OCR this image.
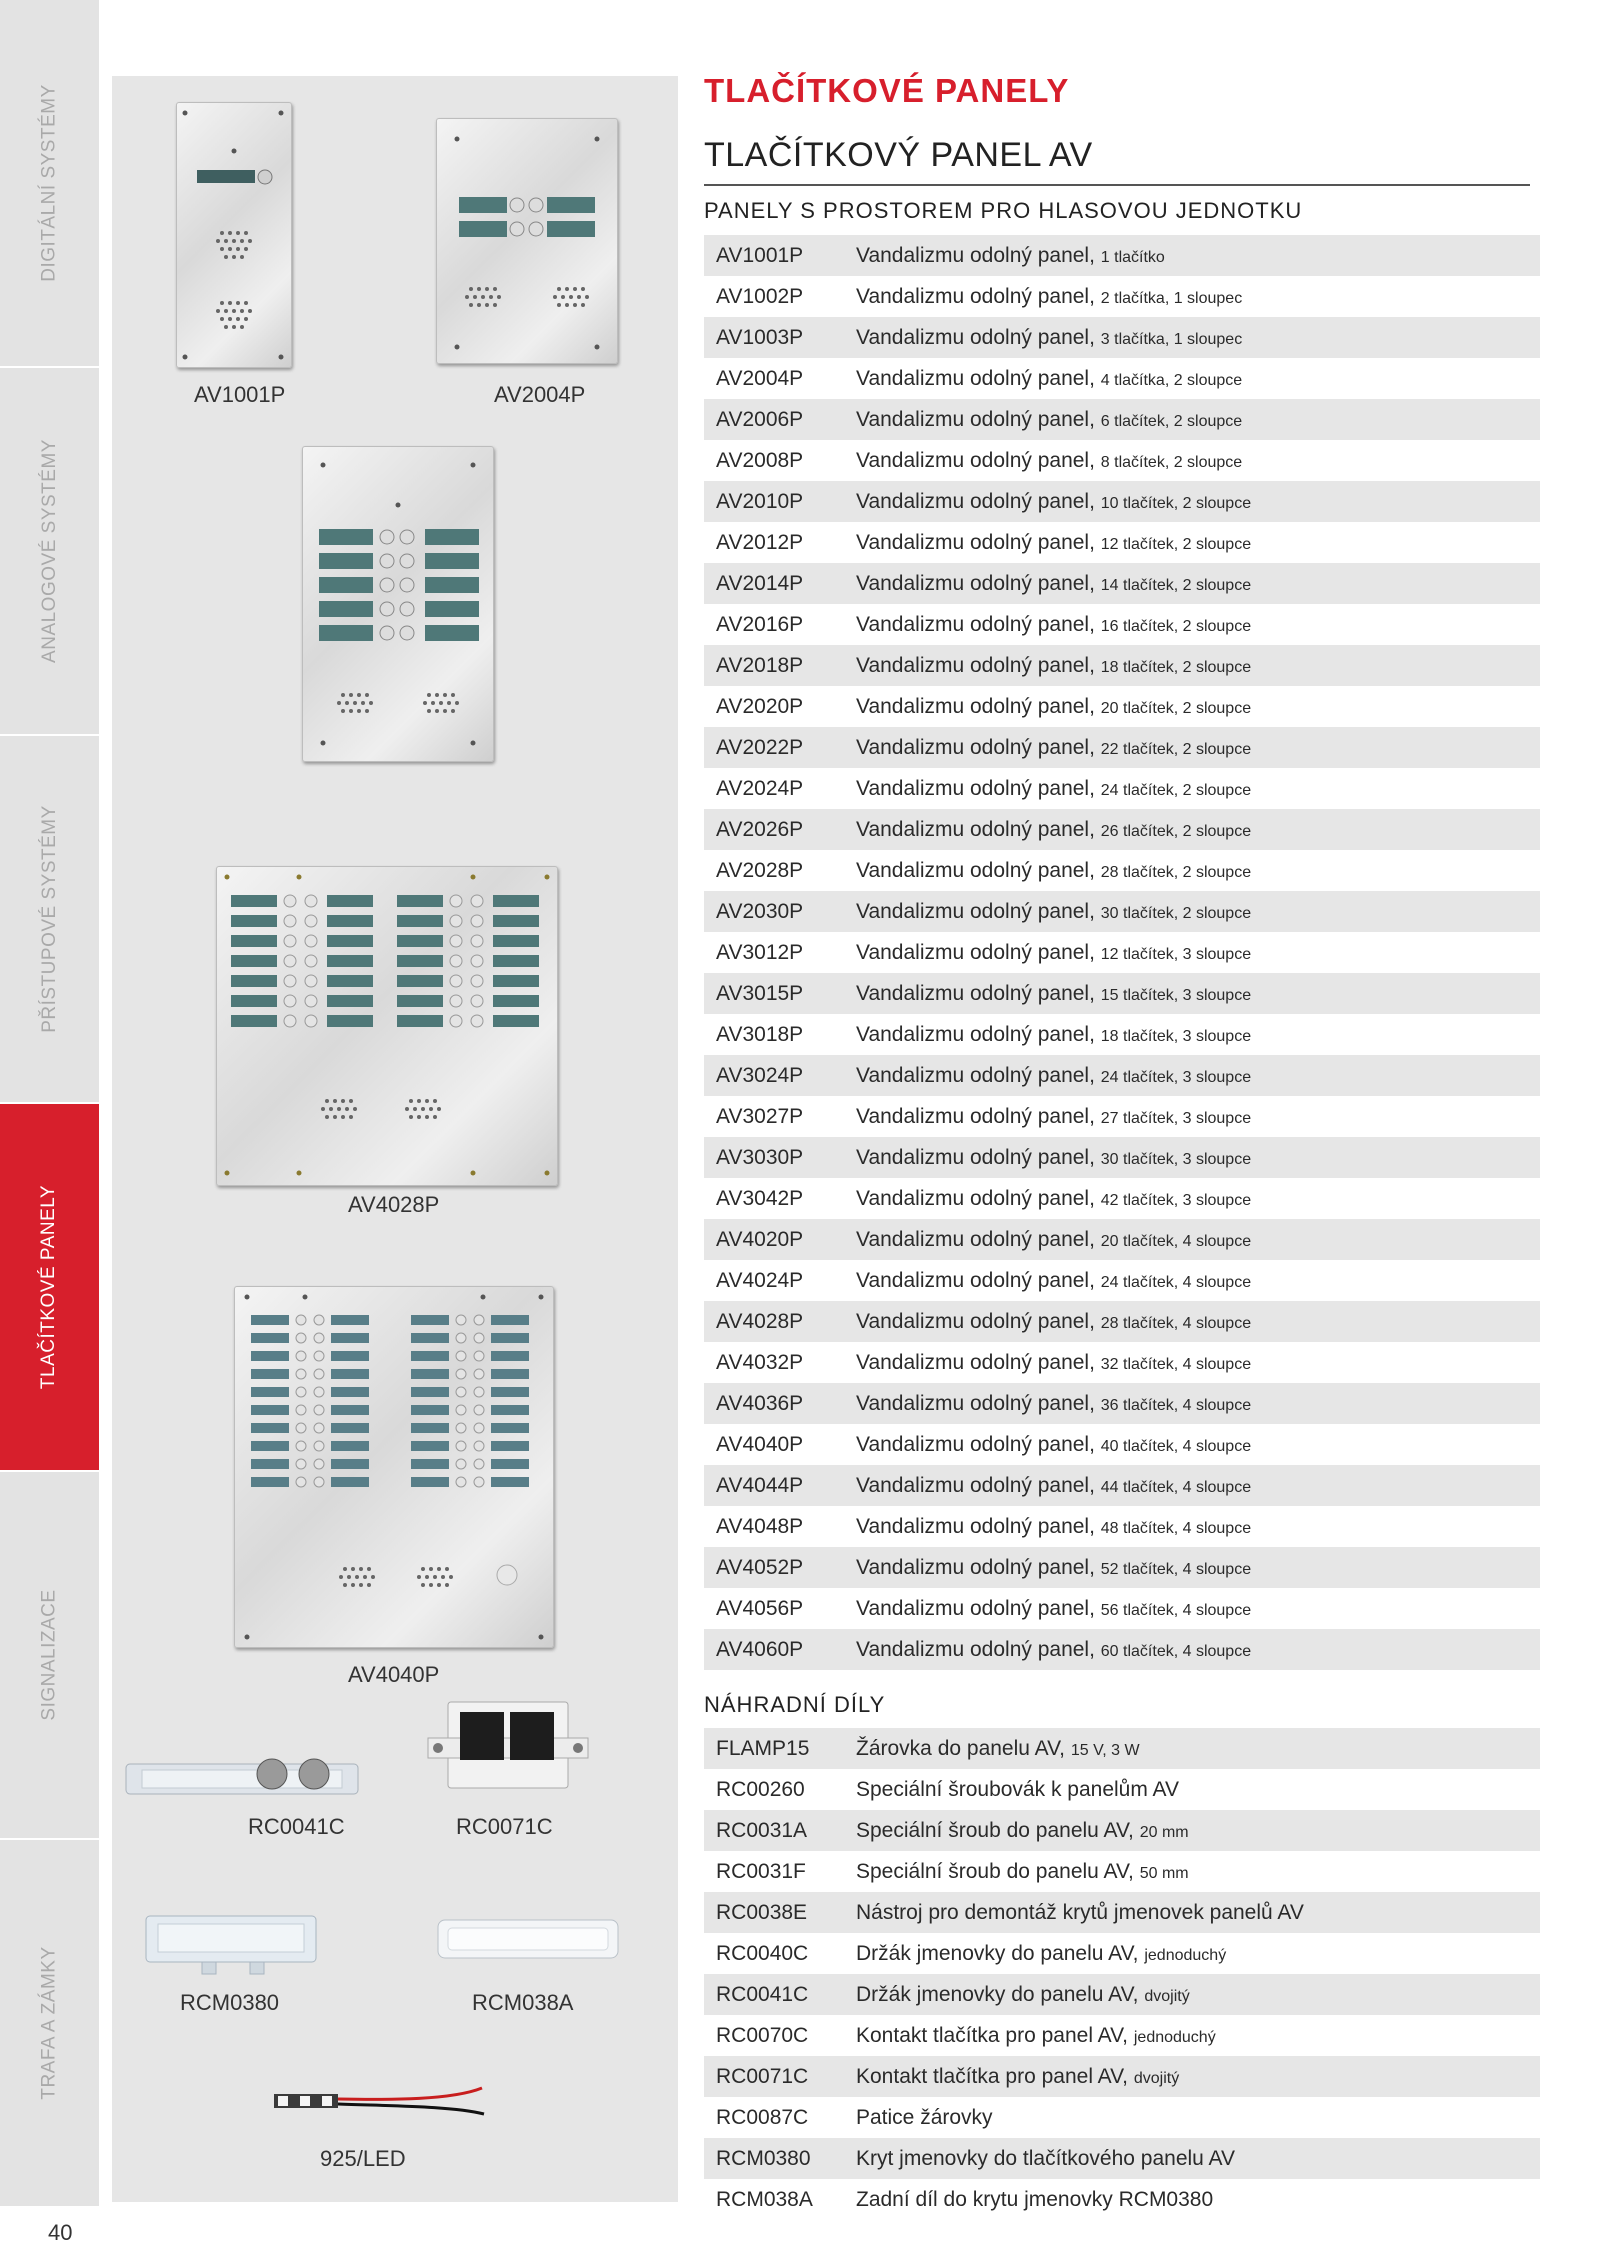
DIGITÁLNÍ SYSTÉMY
ANALOGOVÉ SYSTÉMY
PŘÍSTUPOVÉ SYSTÉMY
TLAČÍTKOVÉ PANELY
SIGNALIZACE
TRAFA A ZÁMKY
40
AV1001P	AV2004P
AV4028P
AV4040P
RC0041C	RC0071C
RCM0380	RCM038A
925/LED
TLAČÍTKOVÉ PANELY
TLAČÍTKOVÝ PANEL AV
PANELY S PROSTOREM PRO HLASOVOU JEDNOTKU
AV1001P	Vandalizmu odolný panel, 1 tlačítko
AV1002P	Vandalizmu odolný panel, 2 tlačítka, 1 sloupec
AV1003P	Vandalizmu odolný panel, 3 tlačítka, 1 sloupec
AV2004P	Vandalizmu odolný panel, 4 tlačítka, 2 sloupce
AV2006P	Vandalizmu odolný panel, 6 tlačítek, 2 sloupce
AV2008P	Vandalizmu odolný panel, 8 tlačítek, 2 sloupce
AV2010P	Vandalizmu odolný panel, 10 tlačítek, 2 sloupce
AV2012P	Vandalizmu odolný panel, 12 tlačítek, 2 sloupce
AV2014P	Vandalizmu odolný panel, 14 tlačítek, 2 sloupce
AV2016P	Vandalizmu odolný panel, 16 tlačítek, 2 sloupce
AV2018P	Vandalizmu odolný panel, 18 tlačítek, 2 sloupce
AV2020P	Vandalizmu odolný panel, 20 tlačítek, 2 sloupce
AV2022P	Vandalizmu odolný panel, 22 tlačítek, 2 sloupce
AV2024P	Vandalizmu odolný panel, 24 tlačítek, 2 sloupce
AV2026P	Vandalizmu odolný panel, 26 tlačítek, 2 sloupce
AV2028P	Vandalizmu odolný panel, 28 tlačítek, 2 sloupce
AV2030P	Vandalizmu odolný panel, 30 tlačítek, 2 sloupce
AV3012P	Vandalizmu odolný panel, 12 tlačítek, 3 sloupce
AV3015P	Vandalizmu odolný panel, 15 tlačítek, 3 sloupce
AV3018P	Vandalizmu odolný panel, 18 tlačítek, 3 sloupce
AV3024P	Vandalizmu odolný panel, 24 tlačítek, 3 sloupce
AV3027P	Vandalizmu odolný panel, 27 tlačítek, 3 sloupce
AV3030P	Vandalizmu odolný panel, 30 tlačítek, 3 sloupce
AV3042P	Vandalizmu odolný panel, 42 tlačítek, 3 sloupce
AV4020P	Vandalizmu odolný panel, 20 tlačítek, 4 sloupce
AV4024P	Vandalizmu odolný panel, 24 tlačítek, 4 sloupce
AV4028P	Vandalizmu odolný panel, 28 tlačítek, 4 sloupce
AV4032P	Vandalizmu odolný panel, 32 tlačítek, 4 sloupce
AV4036P	Vandalizmu odolný panel, 36 tlačítek, 4 sloupce
AV4040P	Vandalizmu odolný panel, 40 tlačítek, 4 sloupce
AV4044P	Vandalizmu odolný panel, 44 tlačítek, 4 sloupce
AV4048P	Vandalizmu odolný panel, 48 tlačítek, 4 sloupce
AV4052P	Vandalizmu odolný panel, 52 tlačítek, 4 sloupce
AV4056P	Vandalizmu odolný panel, 56 tlačítek, 4 sloupce
AV4060P	Vandalizmu odolný panel, 60 tlačítek, 4 sloupce
NÁHRADNÍ DÍLY
FLAMP15	Žárovka do panelu AV, 15 V, 3 W
RC00260	Speciální šroubovák k panelům AV
RC0031A	Speciální šroub do panelu AV, 20 mm
RC0031F	Speciální šroub do panelu AV, 50 mm
RC0038E	Nástroj pro demontáž krytů jmenovek panelů AV
RC0040C	Držák jmenovky do panelu AV, jednoduchý
RC0041C	Držák jmenovky do panelu AV, dvojitý
RC0070C	Kontakt tlačítka pro panel AV, jednoduchý
RC0071C	Kontakt tlačítka pro panel AV, dvojitý
RC0087C	Patice žárovky
RCM0380	Kryt jmenovky do tlačítkového panelu AV
RCM038A	Zadní díl do krytu jmenovky RCM0380
